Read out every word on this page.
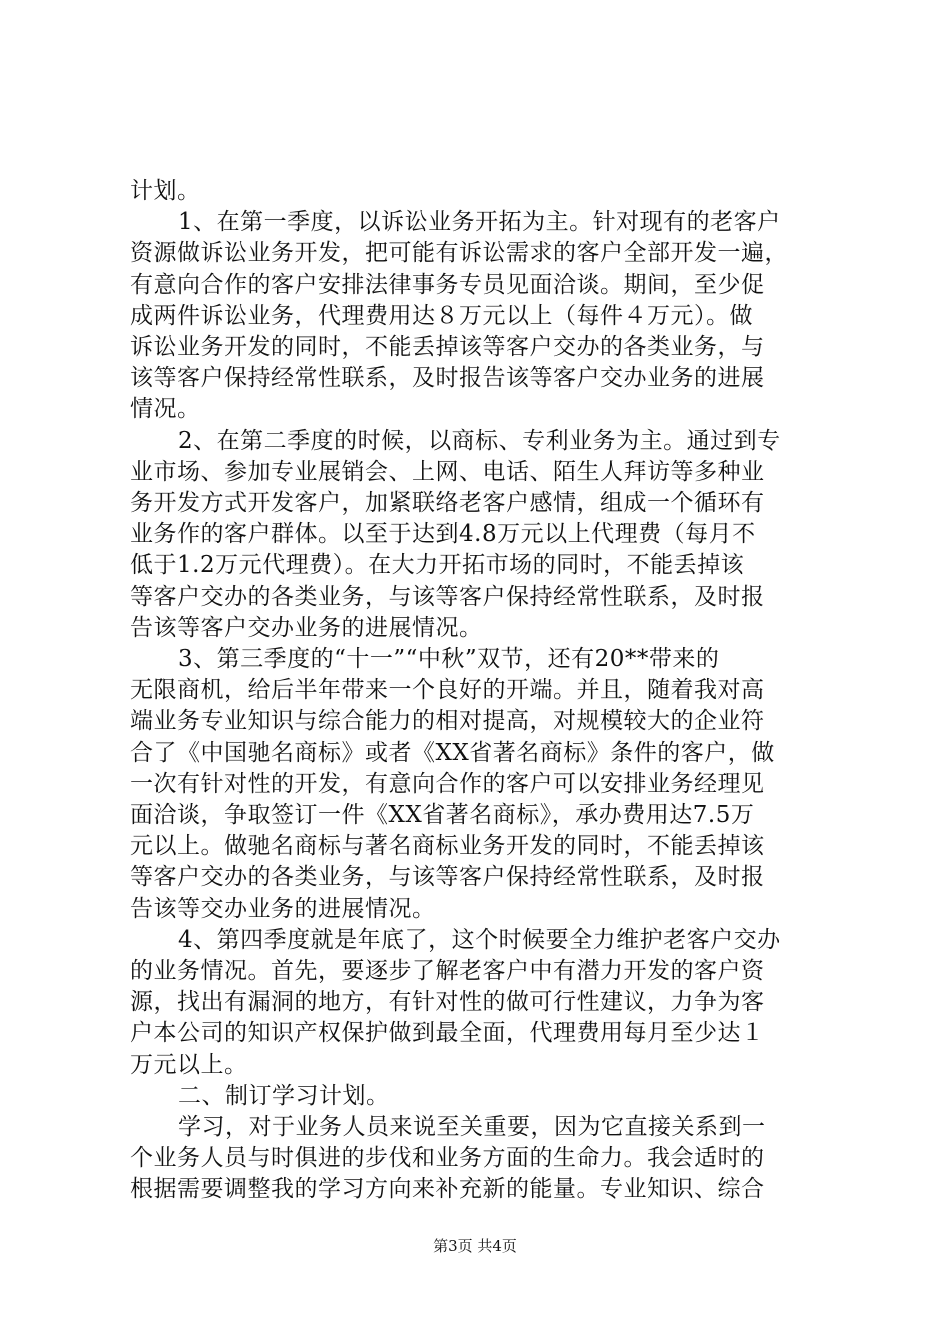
计划。
1、在第一季度，以诉讼业务开拓为主。针对现有的老客户
资源做诉讼业务开发，把可能有诉讼需求的客户全部开发一遍，
有意向合作的客户安排法律事务专员见面洽谈。期间，至少促
成两件诉讼业务，代理费用达８万元以上（每件４万元）。做
诉讼业务开发的同时，不能丢掉该等客户交办的各类业务，与
该等客户保持经常性联系，及时报告该等客户交办业务的进展
情况。
2、在第二季度的时候，以商标、专利业务为主。通过到专
业市场、参加专业展销会、上网、电话、陌生人拜访等多种业
务开发方式开发客户，加紧联络老客户感情，组成一个循环有
业务作的客户群体。以至于达到4.8万元以上代理费（每月不
低于1.2万元代理费）。在大力开拓市场的同时，不能丢掉该
等客户交办的各类业务，与该等客户保持经常性联系，及时报
告该等客户交办业务的进展情况。
3、第三季度的“十一”“中秋”双节，还有20**带来的
无限商机，给后半年带来一个良好的开端。并且，随着我对高
端业务专业知识与综合能力的相对提高，对规模较大的企业符
合了《中国驰名商标》或者《XX省著名商标》条件的客户，做
一次有针对性的开发，有意向合作的客户可以安排业务经理见
面洽谈，争取签订一件《XX省著名商标》，承办费用达7.5万
元以上。做驰名商标与著名商标业务开发的同时，不能丢掉该
等客户交办的各类业务，与该等客户保持经常性联系，及时报
告该等交办业务的进展情况。
4、第四季度就是年底了，这个时候要全力维护老客户交办
的业务情况。首先，要逐步了解老客户中有潜力开发的客户资
源，找出有漏洞的地方，有针对性的做可行性建议，力争为客
户本公司的知识产权保护做到最全面，代理费用每月至少达１
万元以上。
二、制订学习计划。
学习，对于业务人员来说至关重要，因为它直接关系到一
个业务人员与时俱进的步伐和业务方面的生命力。我会适时的
根据需要调整我的学习方向来补充新的能量。专业知识、综合
第3页 共4页
